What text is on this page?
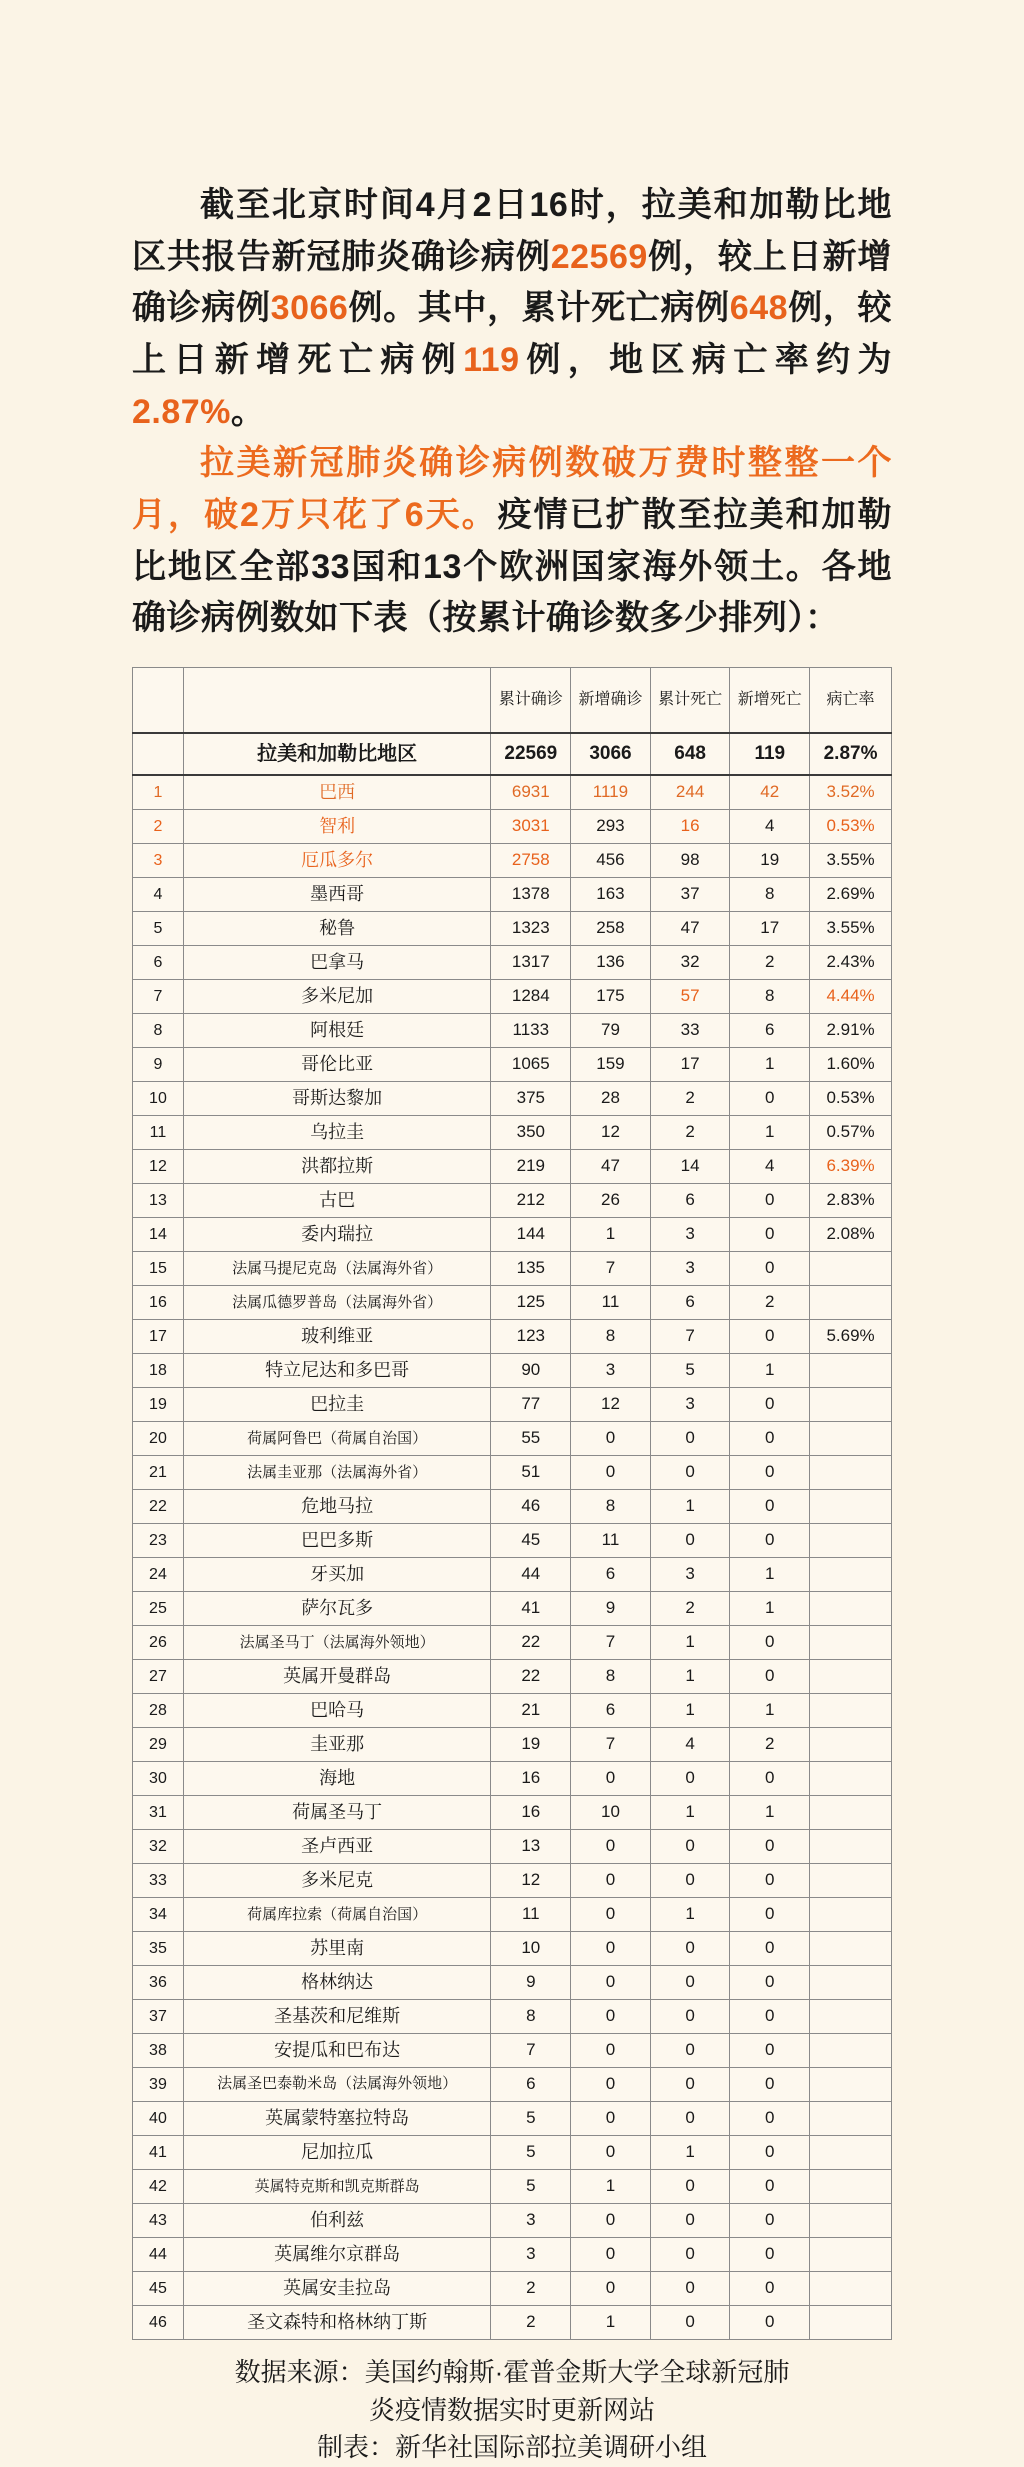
截至北京时间4月2日16时，拉美和加勒比地区共报告新冠肺炎确诊病例22569例，较上日新增确诊病例3066例。其中，累计死亡病例648例，较上日新增死亡病例119例，地区病亡率约为2.87%。

拉美新冠肺炎确诊病例数破万费时整整一个月，破2万只花了6天。疫情已扩散至拉美和加勒比地区全部33国和13个欧洲国家海外领土。各地确诊病例数如下表（按累计确诊数多少排列）：

		累计确诊	新增确诊	累计死亡	新增死亡	病亡率
	拉美和加勒比地区	22569	3066	648	119	2.87%
1	巴西	6931	1119	244	42	3.52%
2	智利	3031	293	16	4	0.53%
3	厄瓜多尔	2758	456	98	19	3.55%
4	墨西哥	1378	163	37	8	2.69%
5	秘鲁	1323	258	47	17	3.55%
6	巴拿马	1317	136	32	2	2.43%
7	多米尼加	1284	175	57	8	4.44%
8	阿根廷	1133	79	33	6	2.91%
9	哥伦比亚	1065	159	17	1	1.60%
10	哥斯达黎加	375	28	2	0	0.53%
11	乌拉圭	350	12	2	1	0.57%
12	洪都拉斯	219	47	14	4	6.39%
13	古巴	212	26	6	0	2.83%
14	委内瑞拉	144	1	3	0	2.08%
15	法属马提尼克岛（法属海外省）	135	7	3	0	
16	法属瓜德罗普岛（法属海外省）	125	11	6	2	
17	玻利维亚	123	8	7	0	5.69%
18	特立尼达和多巴哥	90	3	5	1	
19	巴拉圭	77	12	3	0	
20	荷属阿鲁巴（荷属自治国）	55	0	0	0	
21	法属圭亚那（法属海外省）	51	0	0	0	
22	危地马拉	46	8	1	0	
23	巴巴多斯	45	11	0	0	
24	牙买加	44	6	3	1	
25	萨尔瓦多	41	9	2	1	
26	法属圣马丁（法属海外领地）	22	7	1	0	
27	英属开曼群岛	22	8	1	0	
28	巴哈马	21	6	1	1	
29	圭亚那	19	7	4	2	
30	海地	16	0	0	0	
31	荷属圣马丁	16	10	1	1	
32	圣卢西亚	13	0	0	0	
33	多米尼克	12	0	0	0	
34	荷属库拉索（荷属自治国）	11	0	1	0	
35	苏里南	10	0	0	0	
36	格林纳达	9	0	0	0	
37	圣基茨和尼维斯	8	0	0	0	
38	安提瓜和巴布达	7	0	0	0	
39	法属圣巴泰勒米岛（法属海外领地）	6	0	0	0	
40	英属蒙特塞拉特岛	5	0	0	0	
41	尼加拉瓜	5	0	1	0	
42	英属特克斯和凯克斯群岛	5	1	0	0	
43	伯利兹	3	0	0	0	
44	英属维尔京群岛	3	0	0	0	
45	英属安圭拉岛	2	0	0	0	
46	圣文森特和格林纳丁斯	2	1	0	0	
数据来源：美国约翰斯·霍普金斯大学全球新冠肺
炎疫情数据实时更新网站
制表：新华社国际部拉美调研小组
